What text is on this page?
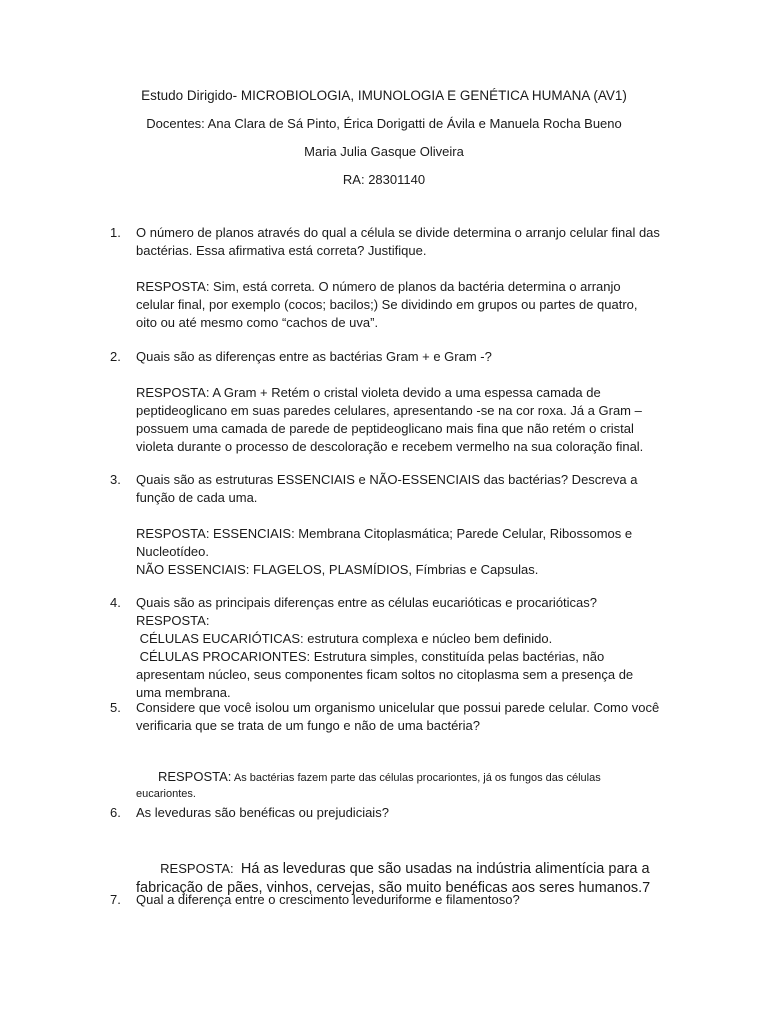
Estudo Dirigido- MICROBIOLOGIA, IMUNOLOGIA E GENÉTICA HUMANA (AV1)
Docentes: Ana Clara de Sá Pinto, Érica Dorigatti de Ávila e Manuela Rocha Bueno
Maria Julia Gasque Oliveira
RA: 28301140
1.	O número de planos através do qual a célula se divide determina o arranjo celular final das bactérias. Essa afirmativa está correta? Justifique.

RESPOSTA: Sim, está correta. O número de planos da bactéria determina o arranjo celular final, por exemplo (cocos; bacilos;) Se dividindo em grupos ou partes de quatro, oito ou até mesmo como “cachos de uva”.

2.	Quais são as diferenças entre as bactérias Gram + e Gram -?

RESPOSTA: A Gram + Retém o cristal violeta devido a uma espessa camada de peptideoglicano em suas paredes celulares, apresentando -se na cor roxa. Já a Gram – possuem uma camada de parede de peptideoglicano mais fina que não retém o cristal violeta durante o processo de descoloração e recebem vermelho na sua coloração final.

3.	Quais são as estruturas ESSENCIAIS e NÃO-ESSENCIAIS das bactérias? Descreva a função de cada uma.

RESPOSTA: ESSENCIAIS: Membrana Citoplasmática; Parede Celular, Ribossomos e Nucleotídeo.

NÃO ESSENCIAIS: FLAGELOS, PLASMÍDIOS, Fímbrias e Capsulas.

4.	Quais são as principais diferenças entre as células eucarióticas e procarióticas?

RESPOSTA:

CÉLULAS EUCARIÓTICAS: estrutura complexa e núcleo bem definido.

CÉLULAS PROCARIONTES: Estrutura simples, constituída pelas bactérias, não apresentam núcleo, seus componentes ficam soltos no citoplasma sem a presença de uma membrana.

5.	Considere que você isolou um organismo unicelular que possui parede celular. Como você verificaria que se trata de um fungo e não de uma bactéria?

RESPOSTA: As bactérias fazem parte das células procariontes, já os fungos das células eucariontes.

6.	As leveduras são benéficas ou prejudiciais?

RESPOSTA:  Há as leveduras que são usadas na indústria alimentícia para a fabricação de pães, vinhos, cervejas, são muito benéficas aos seres humanos.7

7.	Qual a diferença entre o crescimento leveduriforme e filamentoso?
